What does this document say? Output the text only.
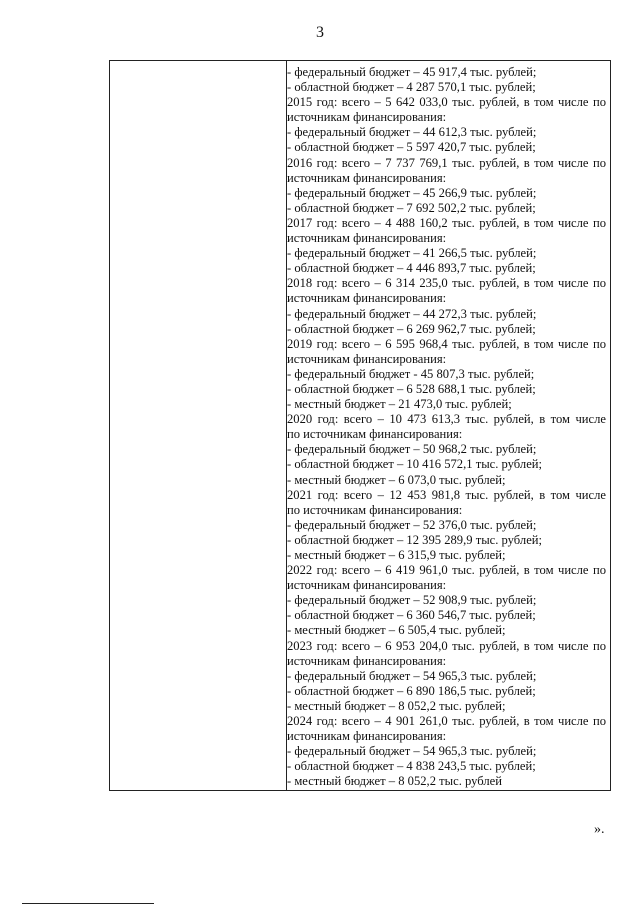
3
- федеральный бюджет – 45 917,4 тыс. рублей;
- областной бюджет – 4 287 570,1 тыс. рублей;
2015 год: всего – 5 642 033,0 тыс. рублей, в том числе по
источникам финансирования:
- федеральный бюджет – 44 612,3 тыс. рублей;
- областной бюджет – 5 597 420,7 тыс. рублей;
2016 год: всего – 7 737 769,1 тыс. рублей, в том числе по
источникам финансирования:
- федеральный бюджет – 45 266,9 тыс. рублей;
- областной бюджет – 7 692 502,2 тыс. рублей;
2017 год: всего – 4 488 160,2 тыс. рублей, в том числе по
источникам финансирования:
- федеральный бюджет – 41 266,5 тыс. рублей;
- областной бюджет – 4 446 893,7 тыс. рублей;
2018 год: всего – 6 314 235,0 тыс. рублей, в том числе по
источникам финансирования:
- федеральный бюджет – 44 272,3 тыс. рублей;
- областной бюджет – 6 269 962,7 тыс. рублей;
2019 год: всего – 6 595 968,4 тыс. рублей, в том числе по
источникам финансирования:
- федеральный бюджет - 45 807,3 тыс. рублей;
- областной бюджет – 6 528 688,1 тыс. рублей;
- местный бюджет – 21 473,0 тыс. рублей;
2020 год: всего – 10 473 613,3 тыс. рублей, в том числе
по источникам финансирования:
- федеральный бюджет – 50 968,2 тыс. рублей;
- областной бюджет – 10 416 572,1 тыс. рублей;
- местный бюджет – 6 073,0 тыс. рублей;
2021 год: всего – 12 453 981,8 тыс. рублей, в том числе
по источникам финансирования:
- федеральный бюджет – 52 376,0 тыс. рублей;
- областной бюджет – 12 395 289,9 тыс. рублей;
- местный бюджет – 6 315,9 тыс. рублей;
2022 год: всего – 6 419 961,0 тыс. рублей, в том числе по
источникам финансирования:
- федеральный бюджет – 52 908,9 тыс. рублей;
- областной бюджет – 6 360 546,7 тыс. рублей;
- местный бюджет – 6 505,4 тыс. рублей;
2023 год: всего – 6 953 204,0 тыс. рублей, в том числе по
источникам финансирования:
- федеральный бюджет – 54 965,3 тыс. рублей;
- областной бюджет – 6 890 186,5 тыс. рублей;
- местный бюджет – 8 052,2 тыс. рублей;
2024 год: всего – 4 901 261,0 тыс. рублей, в том числе по
источникам финансирования:
- федеральный бюджет – 54 965,3 тыс. рублей;
- областной бюджет – 4 838 243,5 тыс. рублей;
- местный бюджет – 8 052,2 тыс. рублей
».
